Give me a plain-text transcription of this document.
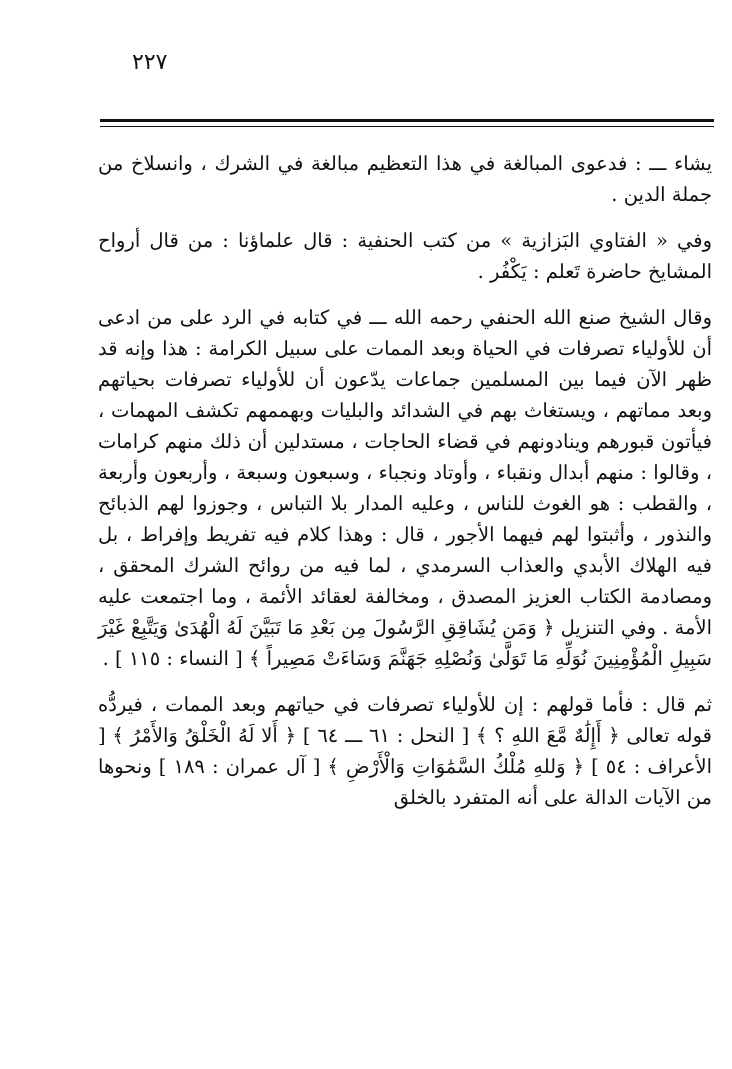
٢٢٧

يشاء ـــ : فدعوى المبالغة في هذا التعظيم مبالغة في الشرك ، وانسلاخ من جملة الدين .

وفي « الفتاوي البَزازية » من كتب الحنفية : قال علماؤنا : من قال أرواح المشايخ حاضرة تَعلم : يَكْفُر .

وقال الشيخ صنع الله الحنفي رحمه الله ـــ في كتابه في الرد على من ادعى أن للأولياء تصرفات في الحياة وبعد الممات على سبيل الكرامة : هذا وإنه قد ظهر الآن فيما بين المسلمين جماعات يدّعون أن للأولياء تصرفات بحياتهم وبعد مماتهم ، ويستغاث بهم في الشدائد والبليات وبهممهم تكشف المهمات ، فيأتون قبورهم وينادونهم في قضاء الحاجات ، مستدلين أن ذلك منهم كرامات ، وقالوا : منهم أبدال ونقباء ، وأوتاد ونجباء ، وسبعون وسبعة ، وأربعون وأربعة ، والقطب : هو الغوث للناس ، وعليه المدار بلا التباس ، وجوزوا لهم الذبائح والنذور ، وأثبتوا لهم فيهما الأجور ، قال : وهذا كلام فيه تفريط وإفراط ، بل فيه الهلاك الأبدي والعذاب السرمدي ، لما فيه من روائح الشرك المحقق ، ومصادمة الكتاب العزيز المصدق ، ومخالفة لعقائد الأئمة ، وما اجتمعت عليه الأمة . وفي التنزيل ﴿ وَمَن يُشَاقِقِ الرَّسُولَ مِن بَعْدِ مَا تَبَيَّنَ لَهُ الْهُدَىٰ وَيَتَّبِعْ غَيْرَ سَبِيلِ الْمُؤْمِنِينَ نُوَلِّهِ مَا تَوَلَّىٰ وَنُصْلِهِ جَهَنَّمَ وَسَاءَتْ مَصِيراً ﴾ [ النساء : ١١٥ ] .

ثم قال : فأما قولهم : إن للأولياء تصرفات في حياتهم وبعد الممات ، فيردُّه قوله تعالى ﴿ أَإِلَٰهٌ مَّعَ اللهِ ؟ ﴾ [ النحل : ٦١ ـــ ٦٤ ] ﴿ أَلا لَهُ الْخَلْقُ وَالأَمْرُ ﴾ [ الأعراف : ٥٤ ] ﴿ وَللهِ مُلْكُ السَّمَٰوَاتِ وَالْأَرْضِ ﴾ [ آل عمران : ١٨٩ ] ونحوها من الآيات الدالة على أنه المتفرد بالخلق
